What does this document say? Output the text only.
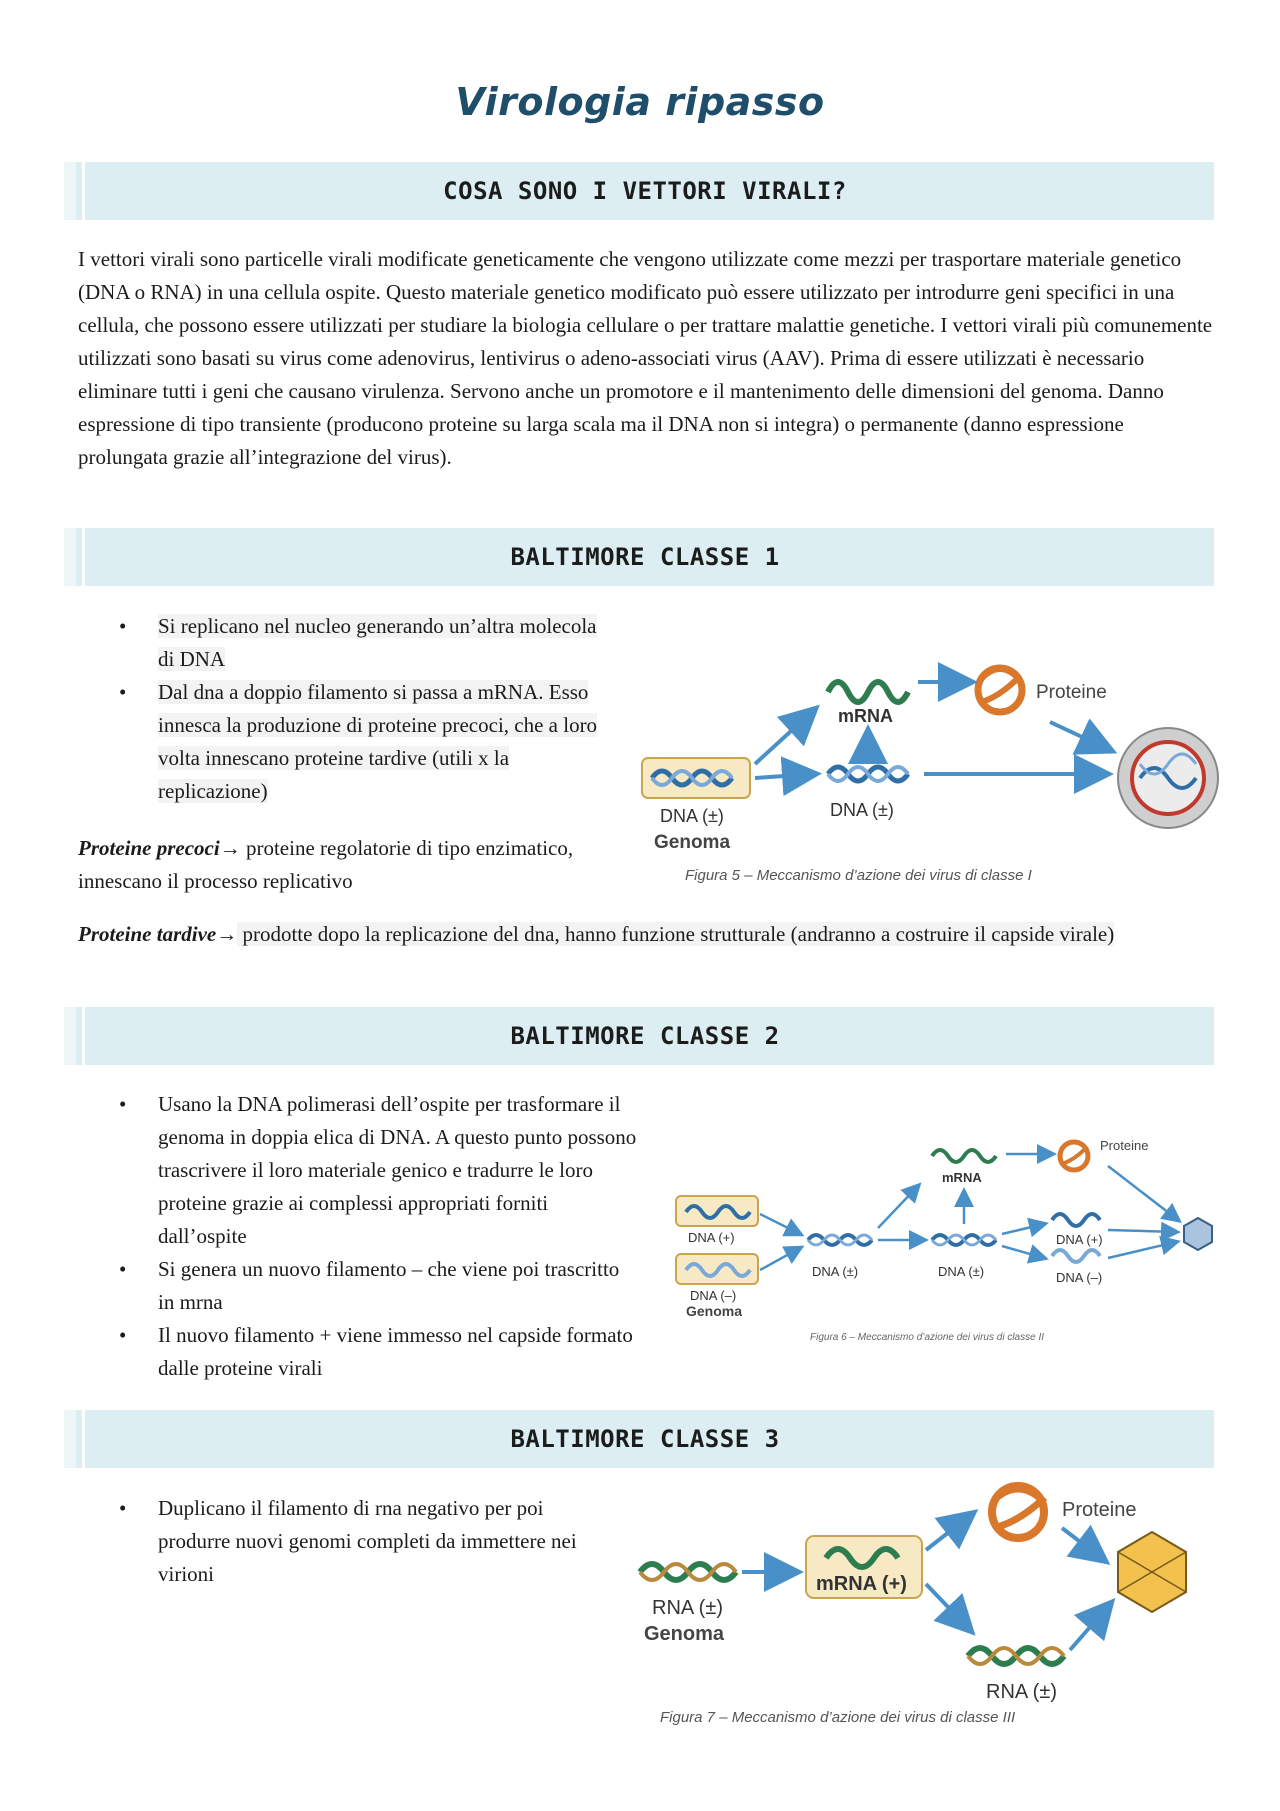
Virologia ripasso
COSA SONO I VETTORI VIRALI?
I vettori virali sono particelle virali modificate geneticamente che vengono utilizzate come mezzi per trasportare materiale genetico (DNA o RNA) in una cellula ospite. Questo materiale genetico modificato può essere utilizzato per introdurre geni specifici in una cellula, che possono essere utilizzati per studiare la biologia cellulare o per trattare malattie genetiche. I vettori virali più comunemente utilizzati sono basati su virus come adenovirus, lentivirus o adeno-associati virus (AAV). Prima di essere utilizzati è necessario eliminare tutti i geni che causano virulenza. Servono anche un promotore e il mantenimento delle dimensioni del genoma. Danno espressione di tipo transiente (producono proteine su larga scala ma il DNA non si integra) o permanente (danno espressione prolungata grazie all’integrazione del virus).
BALTIMORE CLASSE 1
• Si replicano nel nucleo generando un’altra molecola di DNA
• Dal dna a doppio filamento si passa a mRNA. Esso innesca la produzione di proteine precoci, che a loro volta innescano proteine tardive (utili x la replicazione)
Proteine precoci→ proteine regolatorie di tipo enzimatico, innescano il processo replicativo
Proteine tardive→ prodotte dopo la replicazione del dna, hanno funzione strutturale (andranno a costruire il capside virale)
mRNA
Proteine
DNA (±)
Genoma
DNA (±)
Figura 5 – Meccanismo d’azione dei virus di classe I
BALTIMORE CLASSE 2
• Usano la DNA polimerasi dell’ospite per trasformare il genoma in doppia elica di DNA. A questo punto possono trascrivere il loro materiale genico e tradurre le loro proteine grazie ai complessi appropriati forniti dall’ospite
• Si genera un nuovo filamento – che viene poi trascritto in mrna
• Il nuovo filamento + viene immesso nel capside formato dalle proteine virali
DNA (+)
DNA (–)
Genoma
DNA (±)	DNA (±)
mRNA
Proteine
DNA (+)
DNA (–)
Figura 6 – Meccanismo d’azione dei virus di classe II
BALTIMORE CLASSE 3
• Duplicano il filamento di rna negativo per poi produrre nuovi genomi completi da immettere nei virioni
RNA (±)
Genoma
mRNA (+)
Proteine
RNA (±)
Figura 7 – Meccanismo d’azione dei virus di classe III
